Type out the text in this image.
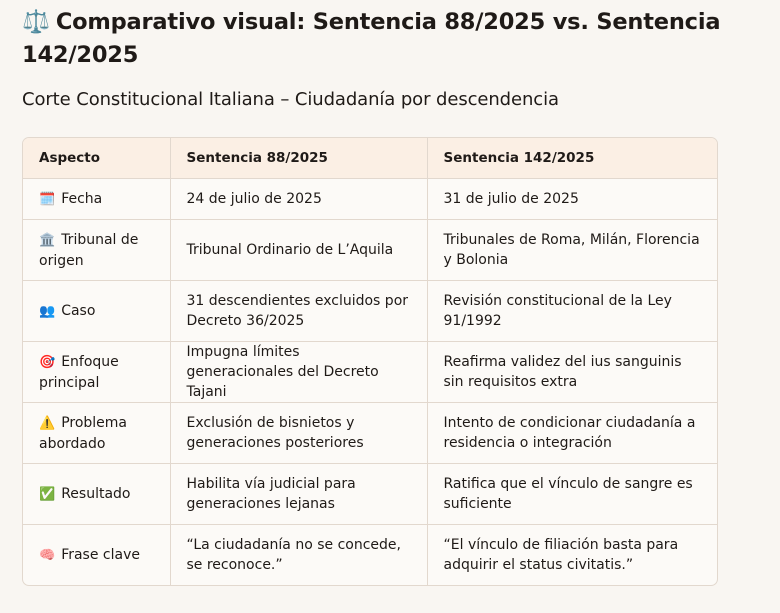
⚖️ Comparativo visual: Sentencia 88/2025 vs. Sentencia 142/2025
Corte Constitucional Italiana – Ciudadanía por descendencia
Aspecto	Sentencia 88/2025	Sentencia 142/2025
🗓️ Fecha	24 de julio de 2025	31 de julio de 2025
🏛️ Tribunal de origen	Tribunal Ordinario de L’Aquila	Tribunales de Roma, Milán, Florencia y Bolonia
👥 Caso	31 descendientes excluidos por Decreto 36/2025	Revisión constitucional de la Ley 91/1992
🎯 Enfoque principal	Impugna límites generacionales del Decreto Tajani	Reafirma validez del ius sanguinis sin requisitos extra
⚠️ Problema abordado	Exclusión de bisnietos y generaciones posteriores	Intento de condicionar ciudadanía a residencia o integración
✅ Resultado	Habilita vía judicial para generaciones lejanas	Ratifica que el vínculo de sangre es suficiente
🧠 Frase clave	“La ciudadanía no se concede, se reconoce.”	“El vínculo de filiación basta para adquirir el status civitatis.”
